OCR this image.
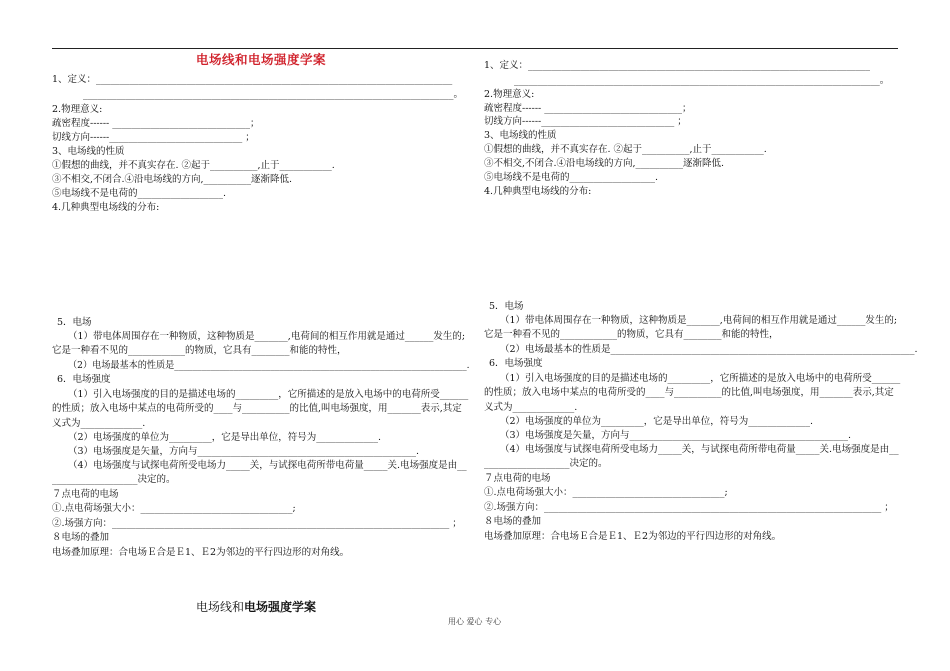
电场线和电场强度学案
1、定义：___________________________________________________________________________
______________________________________________________________________________。
2.物理意义:
疏密程度------ _____________________________；
切线方向------____________________________ ；
3、电场线的性质
①假想的曲线，并不真实存在. ②起于__________,止于___________.
③不相交,不闭合.④沿电场线的方向,__________逐渐降低.
⑤电场线不是电荷的__________________.
4.几种典型电场线的分布:
5．电场
（1）带电体周围存在一种物质，这种物质是_______,电荷间的相互作用就是通过______发生的;
它是一种看不见的____________的物质，它具有________和能的特性，
（2）电场最基本的性质是________________________________________________________________.
6．电场强度
（1）引入电场强度的目的是描述电场的_________，它所描述的是放入电场中的电荷所受______
的性质；放入电场中某点的电荷所受的____与__________的比值,叫电场强度，用_______表示,其定
义式为_____________.
（2）电场强度的单位为_________，它是导出单位，符号为_____________.
（3）电场强度是矢量，方向与______________________________________________.
（4）电场强度与试探电荷所受电场力_____关，与试探电荷所带电荷量_____关.电场强度是由__
__________________决定的。
７点电荷的电场
①.点电荷场强大小：________________________________;
②.场强方向：_______________________________________________________________________ ；
８电场的叠加
电场叠加原理：合电场Ｅ合是Ｅ1、Ｅ2为邻边的平行四边形的对角线。
1、定义：________________________________________________________________________
_____________________________________________________________________________。
2.物理意义:
疏密程度------ _____________________________；
切线方向------____________________________ ；
3、电场线的性质
①假想的曲线，并不真实存在. ②起于__________,止于___________.
③不相交,不闭合.④沿电场线的方向,__________逐渐降低.
⑤电场线不是电荷的__________________.
4.几种典型电场线的分布:
5．电场
（1）带电体周围存在一种物质，这种物质是_______,电荷间的相互作用就是通过______发生的;
它是一种看不见的____________的物质，它具有________和能的特性，
（2）电场最基本的性质是________________________________________________________________.
6．电场强度
（1）引入电场强度的目的是描述电场的_________，它所描述的是放入电场中的电荷所受______
的性质；放入电场中某点的电荷所受的____与__________的比值,叫电场强度，用_______表示,其定
义式为_____________.
（2）电场强度的单位为_________，它是导出单位，符号为_____________.
（3）电场强度是矢量，方向与______________________________________________.
（4）电场强度与试探电荷所受电场力_____关，与试探电荷所带电荷量_____关.电场强度是由__
__________________决定的。
７点电荷的电场
①.点电荷场强大小：________________________________;
②.场强方向：_______________________________________________________________________ ；
８电场的叠加
电场叠加原理：合电场Ｅ合是Ｅ1、Ｅ2为邻边的平行四边形的对角线。
电场线和电场强度学案
用心 爱心 专心
